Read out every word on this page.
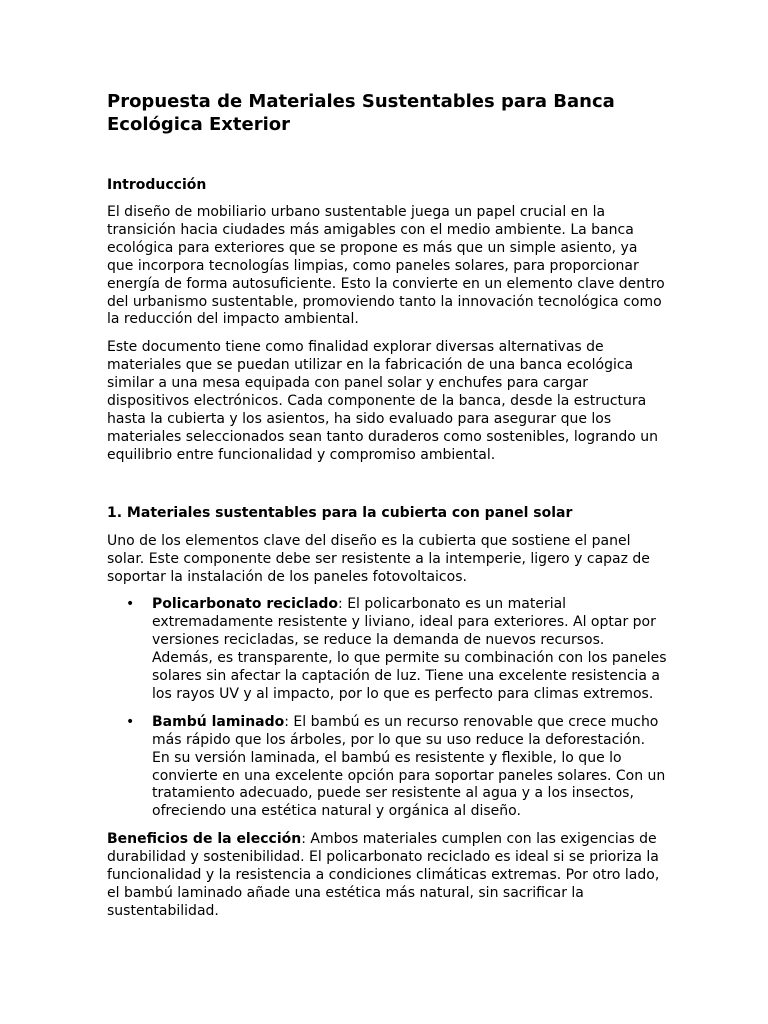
Propuesta de Materiales Sustentables para Banca Ecológica Exterior
Introducción

El diseño de mobiliario urbano sustentable juega un papel crucial en la transición hacia ciudades más amigables con el medio ambiente. La banca ecológica para exteriores que se propone es más que un simple asiento, ya que incorpora tecnologías limpias, como paneles solares, para proporcionar energía de forma autosuficiente. Esto la convierte en un elemento clave dentro del urbanismo sustentable, promoviendo tanto la innovación tecnológica como la reducción del impacto ambiental.

Este documento tiene como finalidad explorar diversas alternativas de materiales que se puedan utilizar en la fabricación de una banca ecológica similar a una mesa equipada con panel solar y enchufes para cargar dispositivos electrónicos. Cada componente de la banca, desde la estructura hasta la cubierta y los asientos, ha sido evaluado para asegurar que los materiales seleccionados sean tanto duraderos como sostenibles, logrando un equilibrio entre funcionalidad y compromiso ambiental.

1. Materiales sustentables para la cubierta con panel solar

Uno de los elementos clave del diseño es la cubierta que sostiene el panel solar. Este componente debe ser resistente a la intemperie, ligero y capaz de soportar la instalación de los paneles fotovoltaicos.

• Policarbonato reciclado: El policarbonato es un material extremadamente resistente y liviano, ideal para exteriores. Al optar por versiones recicladas, se reduce la demanda de nuevos recursos. Además, es transparente, lo que permite su combinación con los paneles solares sin afectar la captación de luz. Tiene una excelente resistencia a los rayos UV y al impacto, por lo que es perfecto para climas extremos.
• Bambú laminado: El bambú es un recurso renovable que crece mucho más rápido que los árboles, por lo que su uso reduce la deforestación. En su versión laminada, el bambú es resistente y flexible, lo que lo convierte en una excelente opción para soportar paneles solares. Con un tratamiento adecuado, puede ser resistente al agua y a los insectos, ofreciendo una estética natural y orgánica al diseño.

Beneficios de la elección: Ambos materiales cumplen con las exigencias de durabilidad y sostenibilidad. El policarbonato reciclado es ideal si se prioriza la funcionalidad y la resistencia a condiciones climáticas extremas. Por otro lado, el bambú laminado añade una estética más natural, sin sacrificar la sustentabilidad.
